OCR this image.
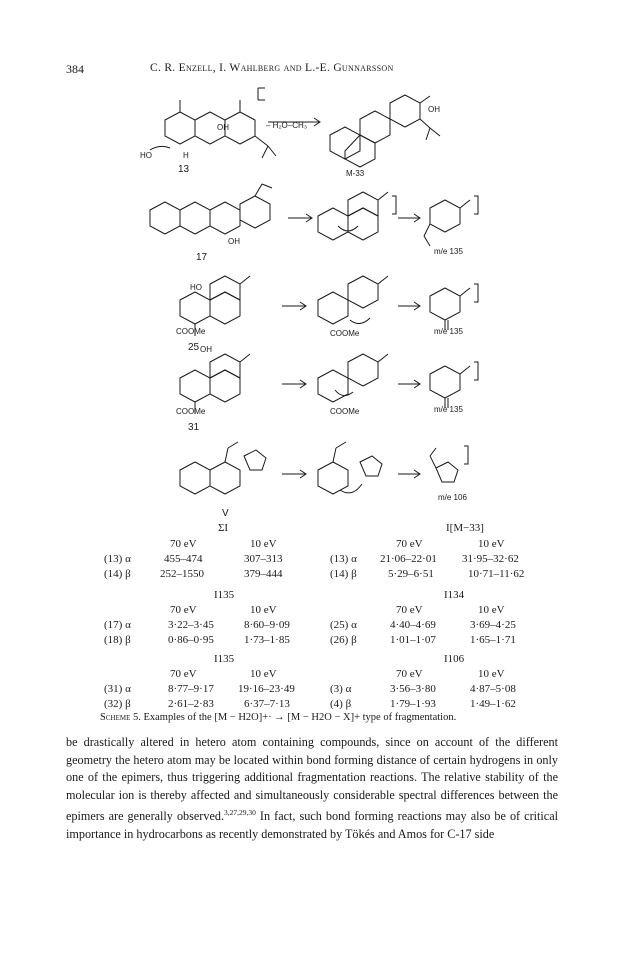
384	C. R. Enzell, I. Wahlberg and L.-E. Gunnarsson
13	M-33
OH
OH
– H₂O–CH₃
HO	H
17
m/e 135
OH
25
COOMe	COOMe	m/e 135
HO
31
COOMe	COOMe	m/e 135
OH
V
m/e 106
ΣI
70 eV	10 eV
(13) α	455–474	307–313
(14) β	252–1550	379–444
I[M−33]
70 eV	10 eV
(13) α 21·06–22·01 31·95–32·62
(14) β	5·29–6·51	10·71–11·62
I135
70 eV	10 eV
(17) α	3·22–3·45	8·60–9·09
(18) β	0·86–0·95	1·73–1·85
I134
70 eV	10 eV
(25) α	4·40–4·69	3·69–4·25
(26) β	1·01–1·07	1·65–1·71
I135
70 eV	10 eV
(31) α	8·77–9·17 19·16–23·49
(32) β	2·61–2·83	6·37–7·13
I106
70 eV	10 eV
(3) α	3·56–3·80	4·87–5·08
(4) β	1·79–1·93	1·49–1·62
Scheme 5. Examples of the [M − H2O]+· → [M − H2O − X]+ type of fragmentation.

be drastically altered in hetero atom containing compounds, since on account of the different geometry the hetero atom may be located within bond forming distance of certain hydrogens in only one of the epimers, thus triggering additional fragmentation reactions. The relative stability of the molecular ion is thereby affected and simultaneously considerable spectral differences between the epimers are generally observed.$^{3,27,29,30}$ In fact, such bond forming reactions may also be of critical importance in hydrocarbons as recently demonstrated by Tökés and Amos for C-17 side
